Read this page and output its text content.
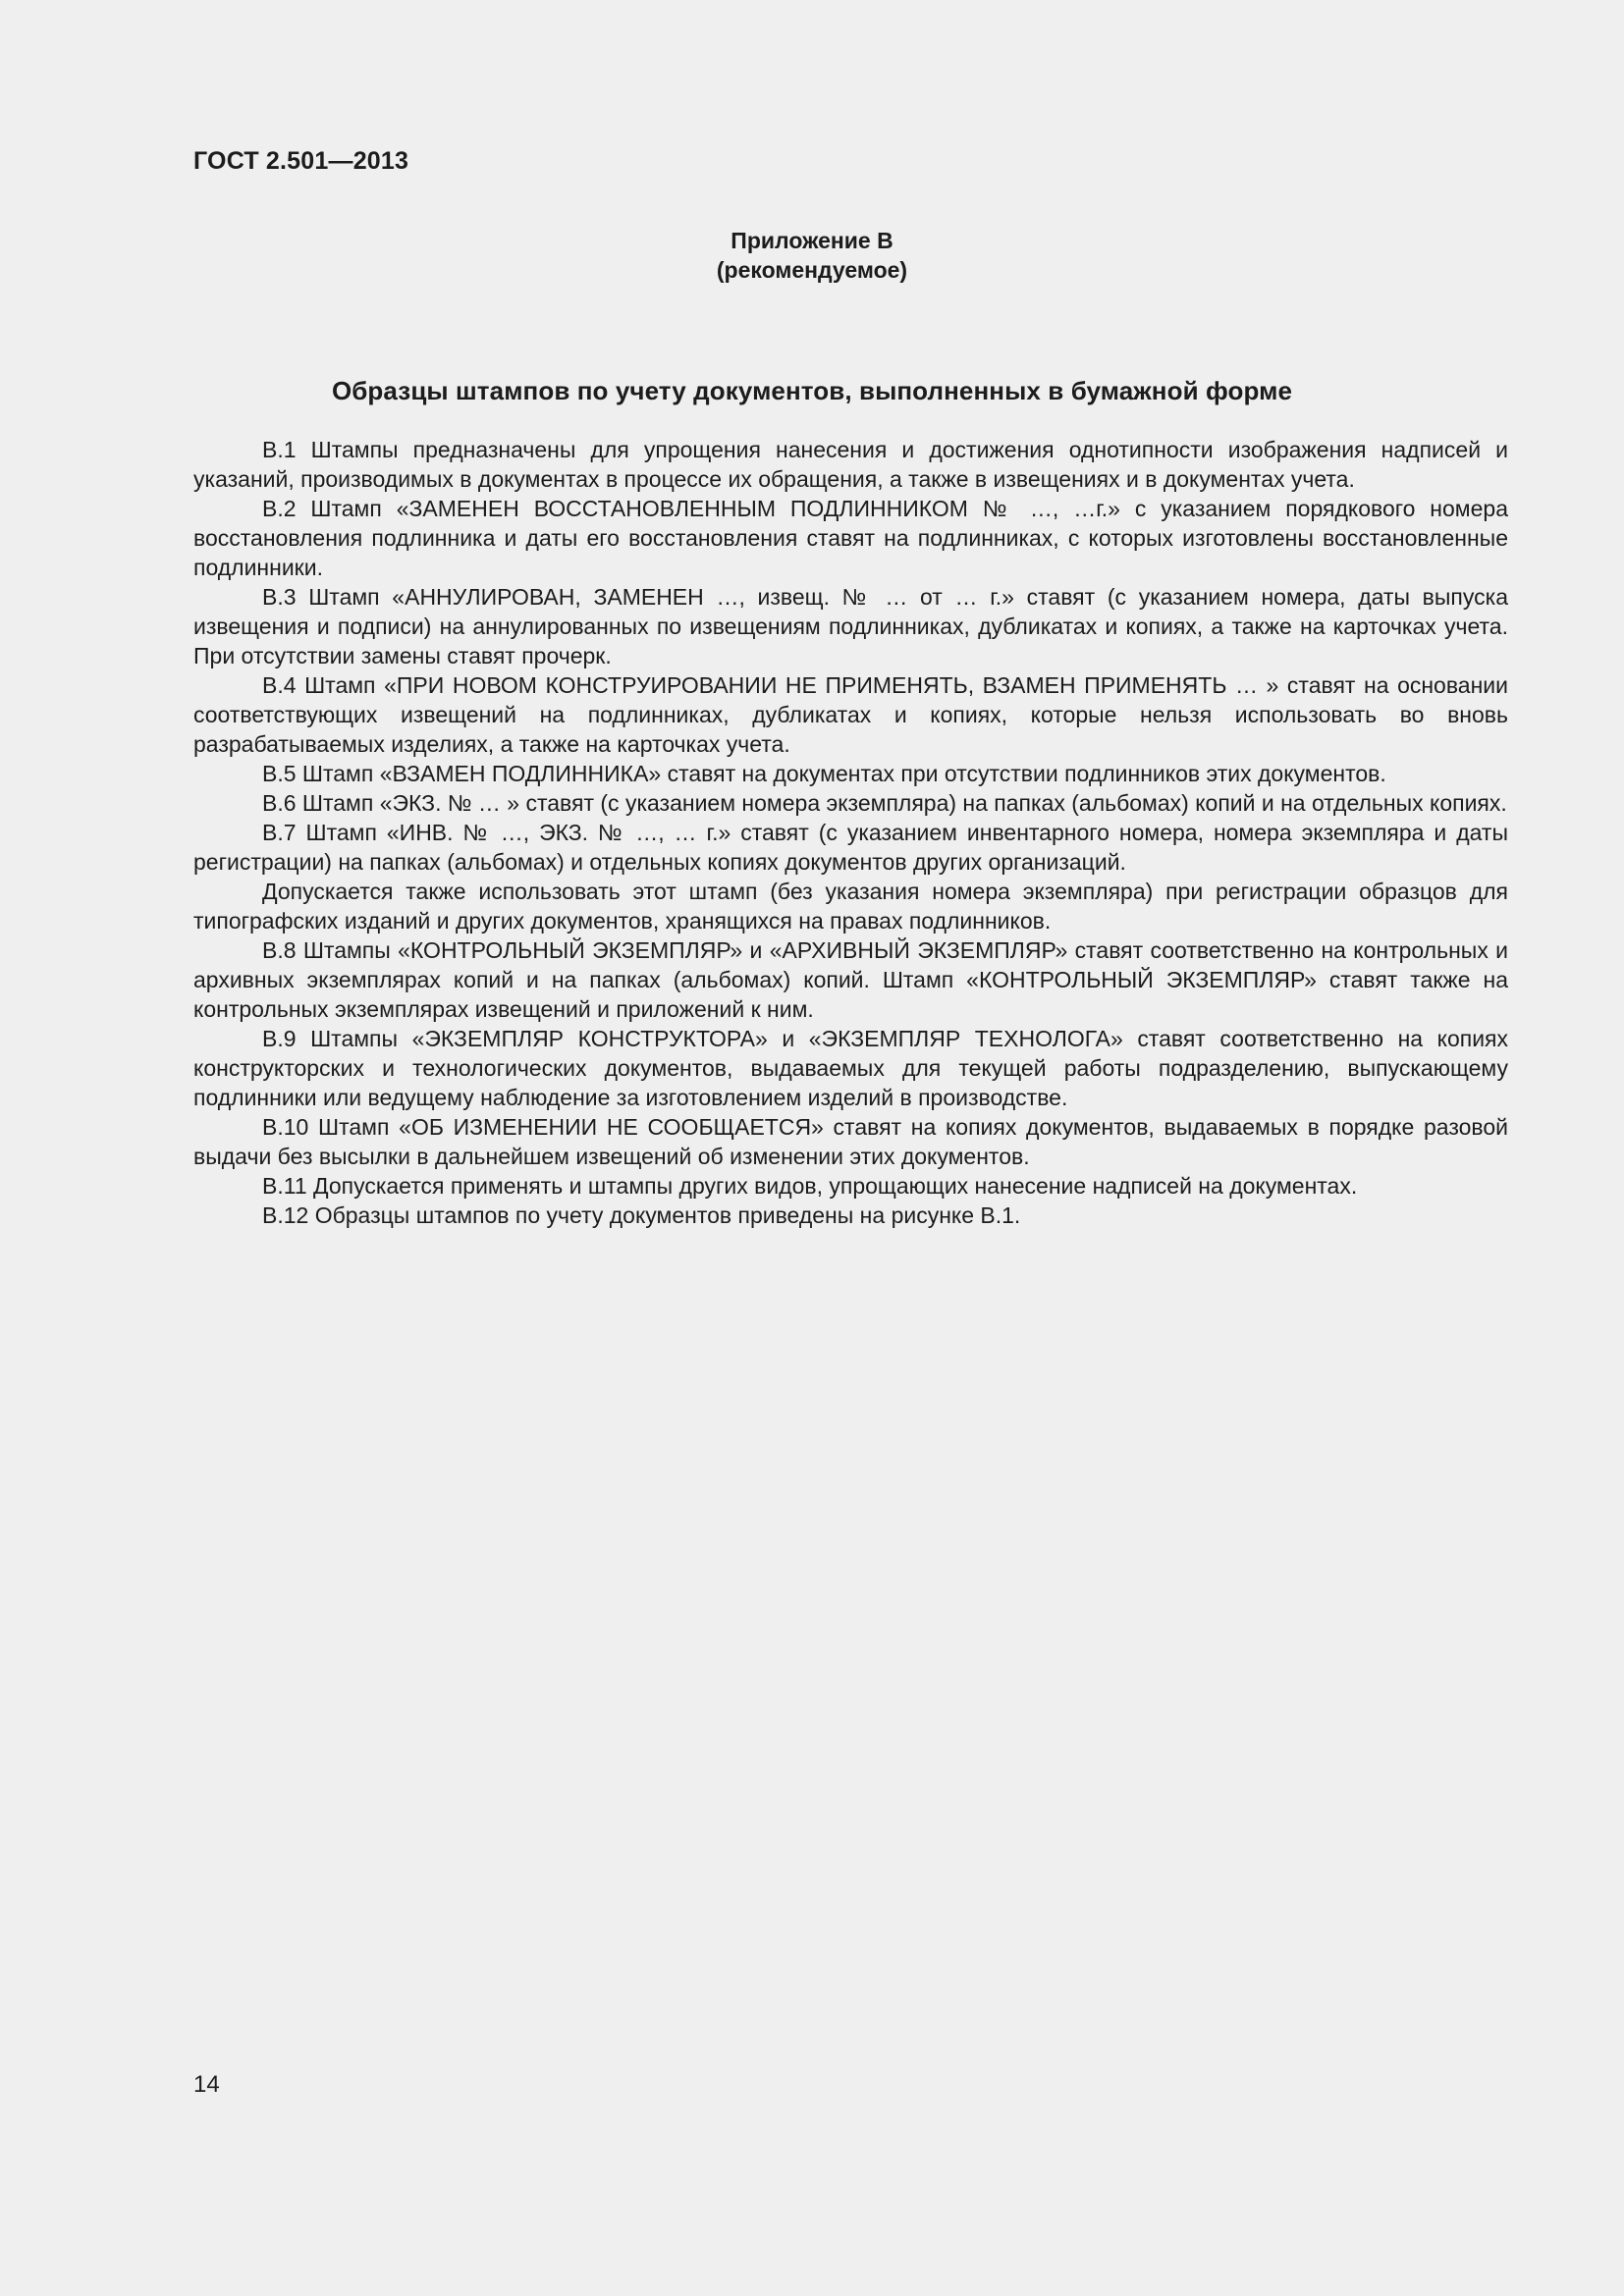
ГОСТ 2.501—2013
Приложение В
(рекомендуемое)
Образцы штампов по учету документов, выполненных в бумажной форме

В.1 Штампы предназначены для упрощения нанесения и достижения однотипности изображения надписей и указаний, производимых в документах в процессе их обращения, а также в извещениях и в документах учета.

В.2 Штамп «ЗАМЕНЕН ВОССТАНОВЛЕННЫМ ПОДЛИННИКОМ № …, …г.» с указанием порядкового номера восстановления подлинника и даты его восстановления ставят на подлинниках, с которых изготовлены восстановленные подлинники.

В.3 Штамп «АННУЛИРОВАН, ЗАМЕНЕН …, извещ. № … от … г.» ставят (с указанием номера, даты выпуска извещения и подписи) на аннулированных по извещениям подлинниках, дубликатах и копиях, а также на карточках учета. При отсутствии замены ставят прочерк.

В.4 Штамп «ПРИ НОВОМ КОНСТРУИРОВАНИИ НЕ ПРИМЕНЯТЬ, ВЗАМЕН ПРИМЕНЯТЬ … » ставят на основании соответствующих извещений на подлинниках, дубликатах и копиях, которые нельзя использовать во вновь разрабатываемых изделиях, а также на карточках учета.

В.5 Штамп «ВЗАМЕН ПОДЛИННИКА» ставят на документах при отсутствии подлинников этих документов.

В.6 Штамп «ЭКЗ. № … » ставят (с указанием номера экземпляра) на папках (альбомах) копий и на отдельных копиях.

В.7 Штамп «ИНВ. № …, ЭКЗ. № …, … г.» ставят (с указанием инвентарного номера, номера экземпляра и даты регистрации) на папках (альбомах) и отдельных копиях документов других организаций.

Допускается также использовать этот штамп (без указания номера экземпляра) при регистрации образцов для типографских изданий и других документов, хранящихся на правах подлинников.

В.8 Штампы «КОНТРОЛЬНЫЙ ЭКЗЕМПЛЯР» и «АРХИВНЫЙ ЭКЗЕМПЛЯР» ставят соответственно на контрольных и архивных экземплярах копий и на папках (альбомах) копий. Штамп «КОНТРОЛЬНЫЙ ЭКЗЕМПЛЯР» ставят также на контрольных экземплярах извещений и приложений к ним.

В.9 Штампы «ЭКЗЕМПЛЯР КОНСТРУКТОРА» и «ЭКЗЕМПЛЯР ТЕХНОЛОГА» ставят соответственно на копиях конструкторских и технологических документов, выдаваемых для текущей работы подразделению, выпускающему подлинники или ведущему наблюдение за изготовлением изделий в производстве.

В.10 Штамп «ОБ ИЗМЕНЕНИИ НЕ СООБЩАЕТСЯ» ставят на копиях документов, выдаваемых в порядке разовой выдачи без высылки в дальнейшем извещений об изменении этих документов.

В.11 Допускается применять и штампы других видов, упрощающих нанесение надписей на документах.

В.12 Образцы штампов по учету документов приведены на рисунке В.1.

14
